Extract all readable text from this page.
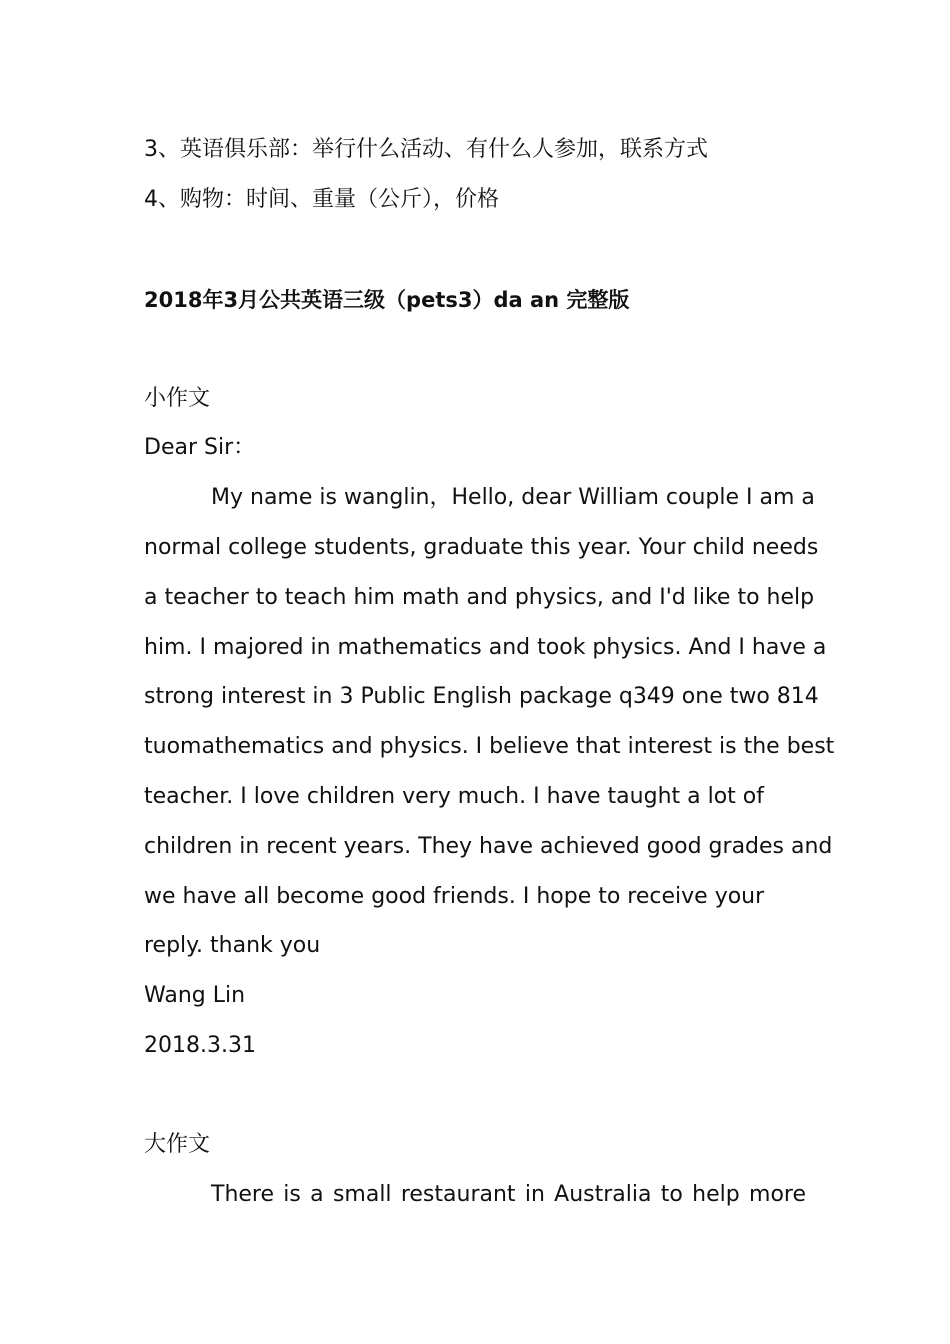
3、英语俱乐部：举行什么活动、有什么人参加，联系方式
4、购物：时间、重量（公斤），价格
2018年3月公共英语三级（pets3）da an 完整版
小作文
Dear Sir：
My name is wanglin，Hello, dear William couple I am a
normal college students, graduate this year. Your child needs
a teacher to teach him math and physics, and I'd like to help
him. I majored in mathematics and took physics. And I have a
strong interest in 3 Public English package q349 one two 814
tuomathematics and physics. I believe that interest is the best
teacher. I love children very much. I have taught a lot of
children in recent years. They have achieved good grades and
we have all become good friends. I hope to receive your
reply. thank you
Wang Lin
2018.3.31
大作文
There is a small restaurant in Australia to help more
